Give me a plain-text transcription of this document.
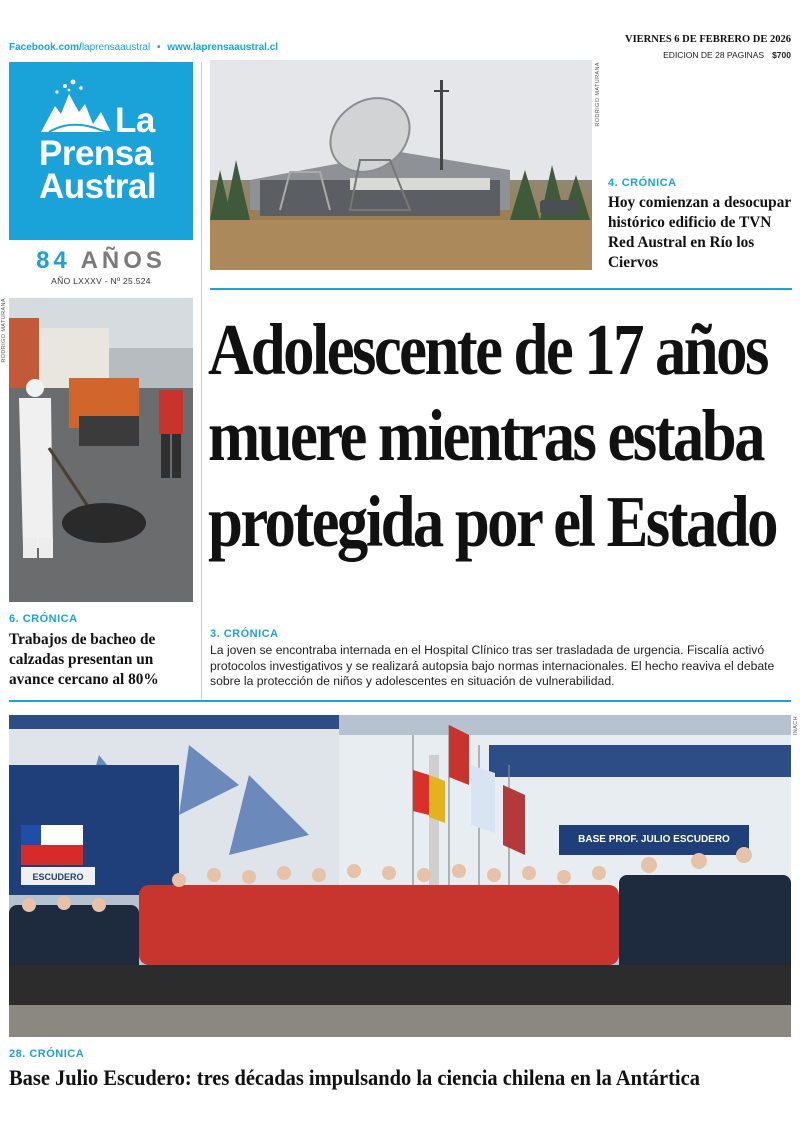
Facebook.com/laprensaaustral • www.laprensaaustral.cl
VIERNES 6 DE FEBRERO DE 2026
EDICION DE 28 PAGINAS $700
La
Prensa
Austral
84 AÑOS
AÑO LXXXV - Nº 25.524
RODRIGO MATURANA
4. CRÓNICA
Hoy comienzan a desocupar histórico edificio de TVN Red Austral en Río los Ciervos
RODRIGO MATURANA
6. CRÓNICA
Trabajos de bacheo de calzadas presentan un avance cercano al 80%
Adolescente de 17 años
muere mientras estaba
protegida por el Estado
3. CRÓNICA
La joven se encontraba internada en el Hospital Clínico tras ser trasladada de urgencia. Fiscalía activó protocolos investigativos y se realizará autopsia bajo normas internacionales. El hecho reaviva el debate sobre la protección de niños y adolescentes en situación de vulnerabilidad.
BASE PROF. JULIO ESCUDERO
ESCUDERO
INACH
28. CRÓNICA
Base Julio Escudero: tres décadas impulsando la ciencia chilena en la Antártica
